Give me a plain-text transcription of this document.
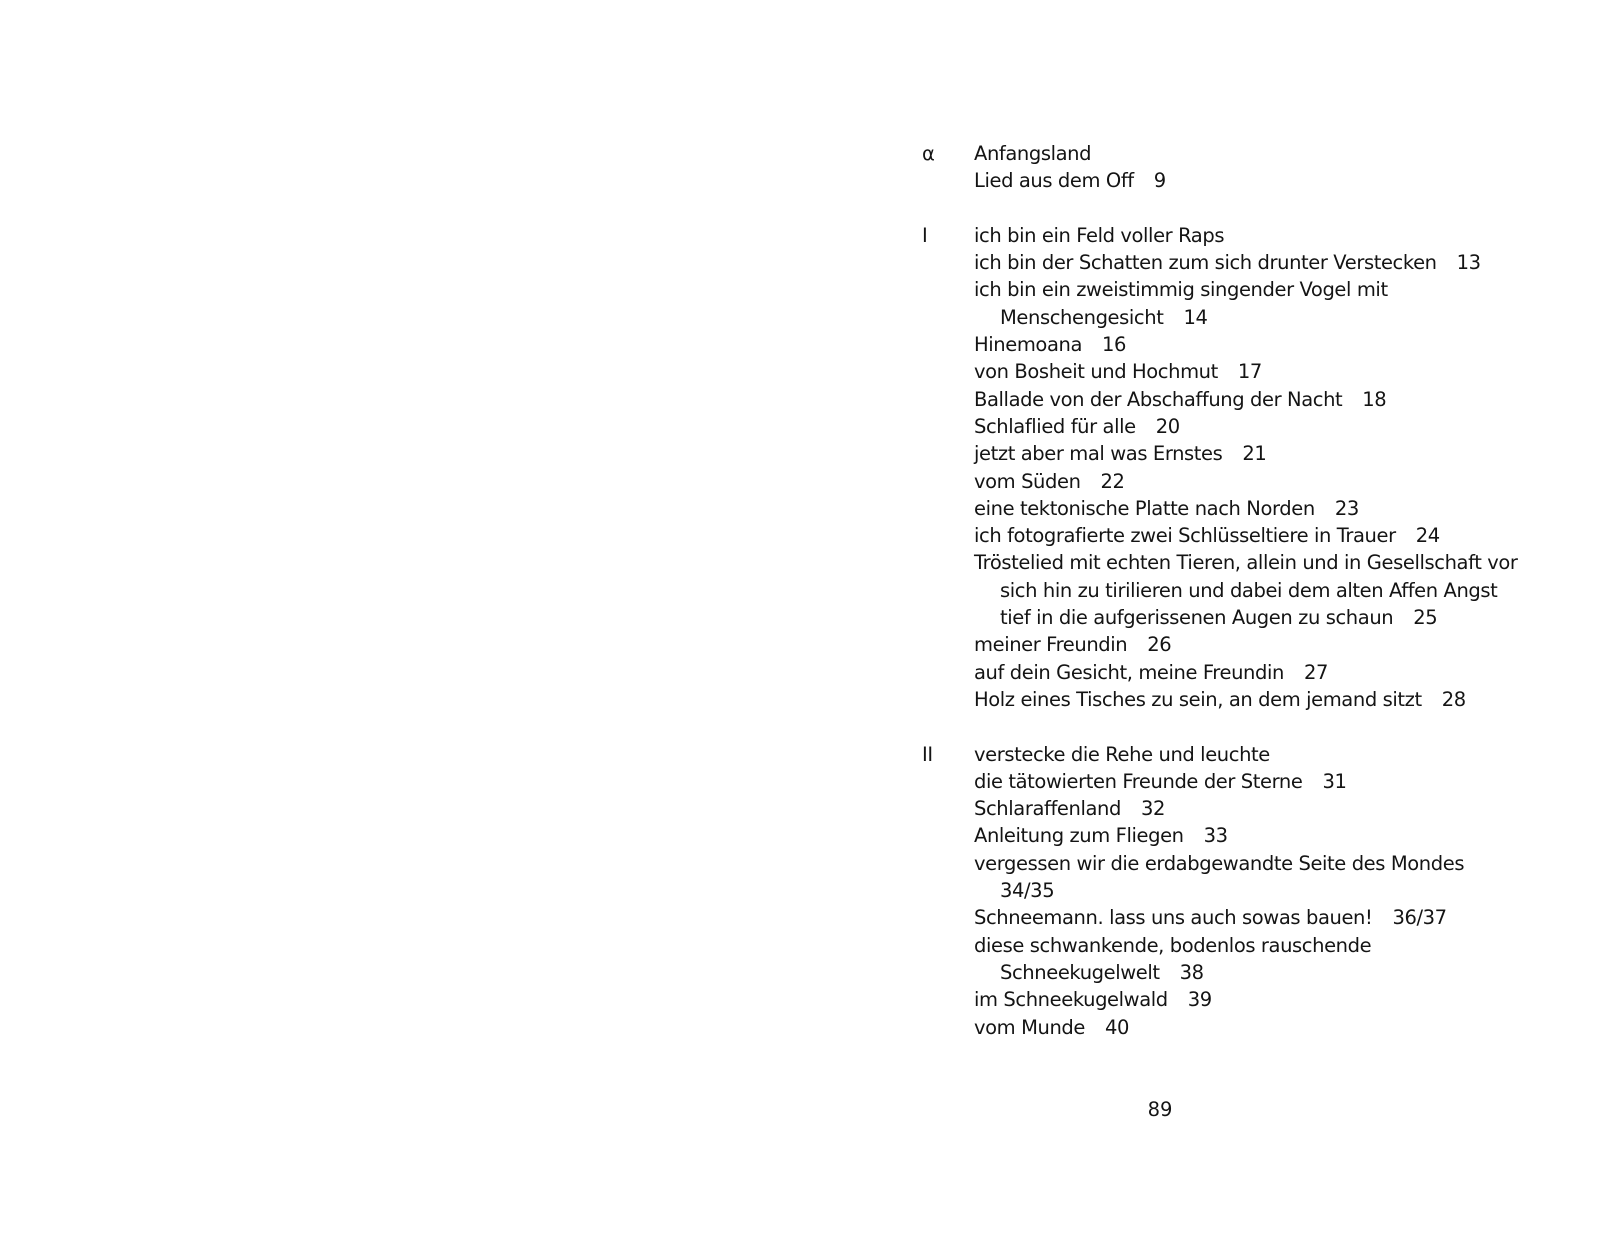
α	Anfangsland
Lied aus dem Off 9
I	ich bin ein Feld voller Raps
ich bin der Schatten zum sich drunter Verstecken 13
ich bin ein zweistimmig singender Vogel mit
Menschengesicht 14
Hinemoana 16
von Bosheit und Hochmut 17
Ballade von der Abschaffung der Nacht 18
Schlaflied für alle 20
jetzt aber mal was Ernstes 21
vom Süden 22
eine tektonische Platte nach Norden 23
ich fotografierte zwei Schlüsseltiere in Trauer 24
Tröstelied mit echten Tieren, allein und in Gesellschaft vor
sich hin zu tirilieren und dabei dem alten Affen Angst
tief in die aufgerissenen Augen zu schaun 25
meiner Freundin 26
auf dein Gesicht, meine Freundin 27
Holz eines Tisches zu sein, an dem jemand sitzt 28
II	verstecke die Rehe und leuchte
die tätowierten Freunde der Sterne 31
Schlaraffenland 32
Anleitung zum Fliegen 33
vergessen wir die erdabgewandte Seite des Mondes
34/35
Schneemann. lass uns auch sowas bauen! 36/37
diese schwankende, bodenlos rauschende
Schneekugelwelt 38
im Schneekugelwald 39
vom Munde 40
89
